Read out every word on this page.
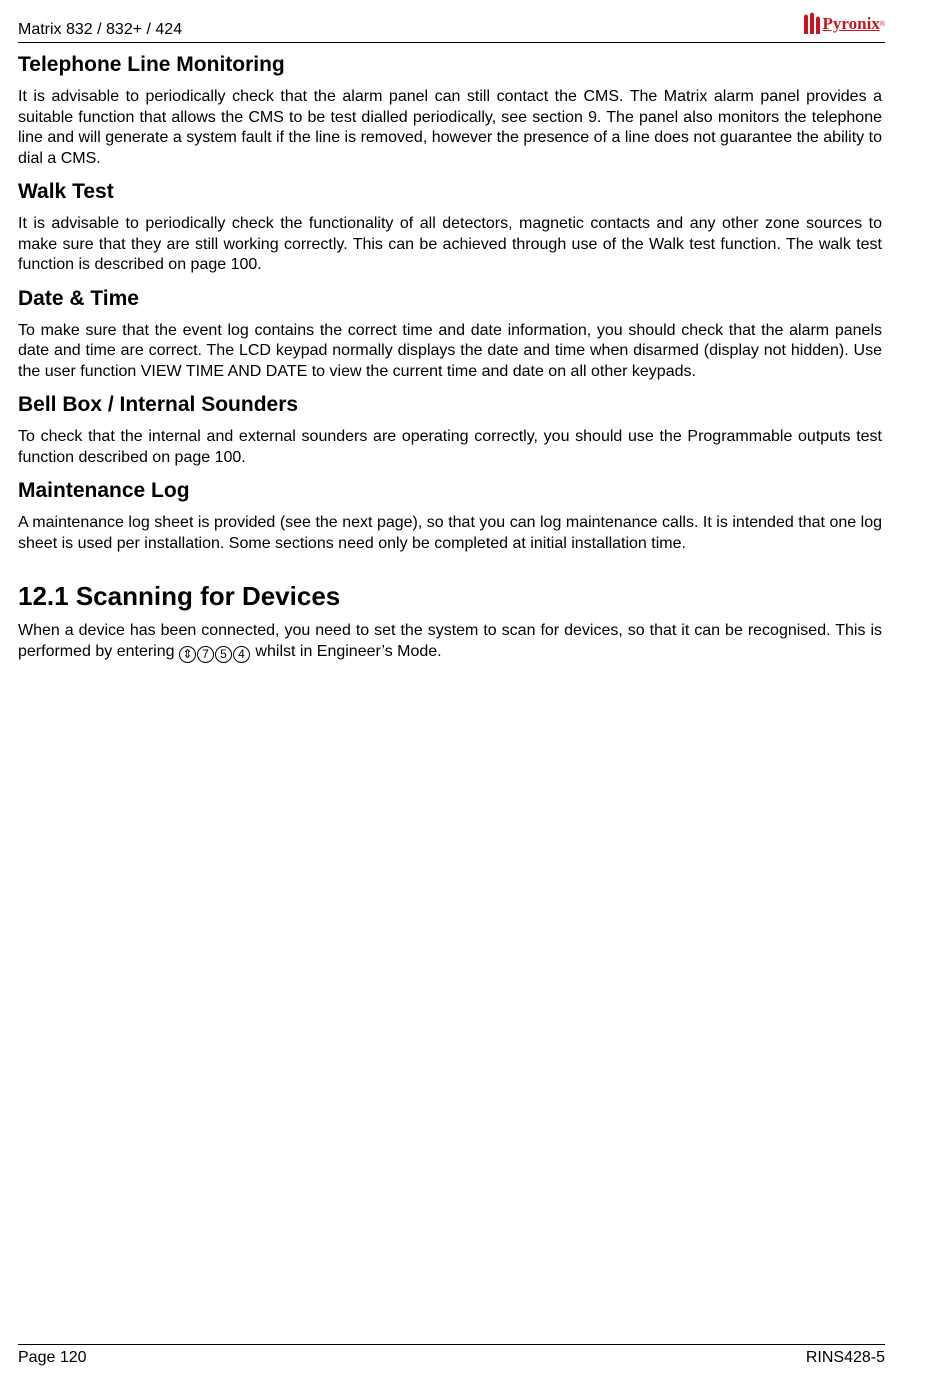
Matrix 832 / 832+ / 424	Pyronix ®
Telephone Line Monitoring

It is advisable to periodically check that the alarm panel can still contact the CMS. The Matrix alarm panel provides a suitable function that allows the CMS to be test dialled periodically, see section 9. The panel also monitors the telephone line and will generate a system fault if the line is removed, however the presence of a line does not guarantee the ability to dial a CMS.

Walk Test

It is advisable to periodically check the functionality of all detectors, magnetic contacts and any other zone sources to make sure that they are still working correctly. This can be achieved through use of the Walk test function. The walk test function is described on page 100.

Date & Time

To make sure that the event log contains the correct time and date information, you should check that the alarm panels date and time are correct. The LCD keypad normally displays the date and time when disarmed (display not hidden). Use the user function VIEW TIME AND DATE to view the current time and date on all other keypads.

Bell Box / Internal Sounders

To check that the internal and external sounders are operating correctly, you should use the Programmable outputs test function described on page 100.

Maintenance Log

A maintenance log sheet is provided (see the next page), so that you can log maintenance calls. It is intended that one log sheet is used per installation. Some sections need only be completed at initial installation time.

12.1 Scanning for Devices

When a device has been connected, you need to set the system to scan for devices, so that it can be recognised. This is performed by entering ⇕ 7 5 4 whilst in Engineer’s Mode.

Page 120	RINS428-5
